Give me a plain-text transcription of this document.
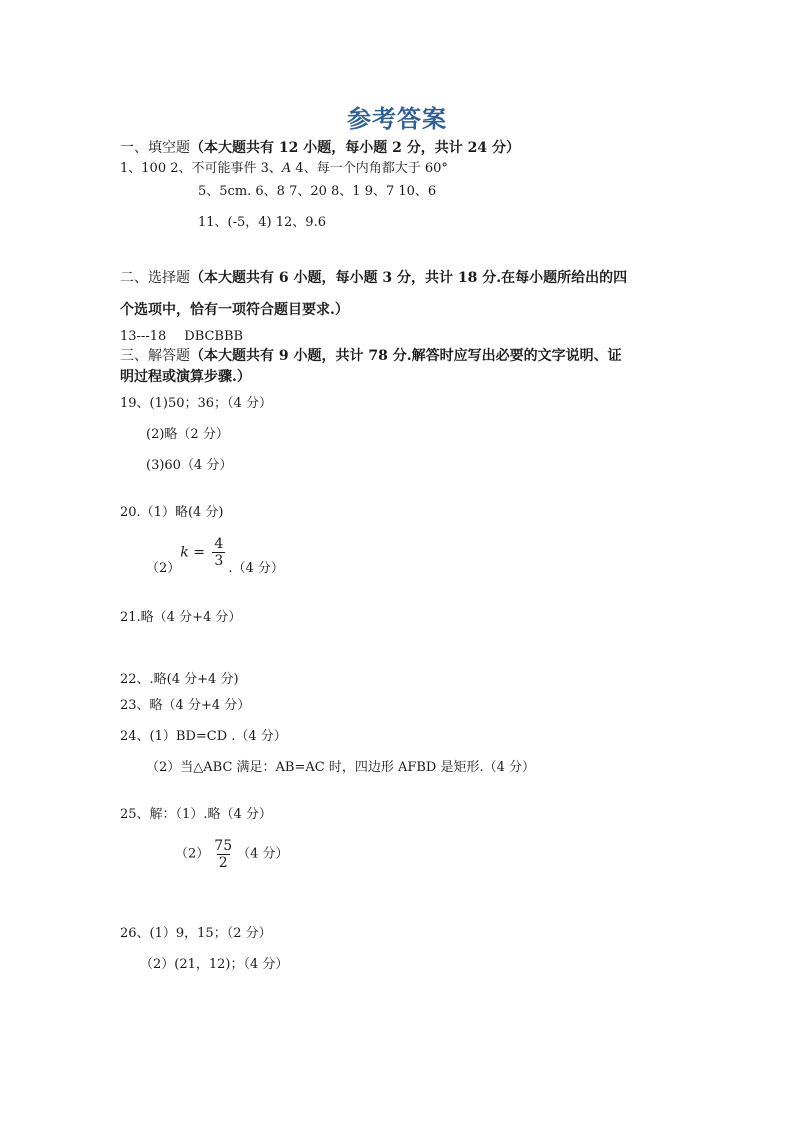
参考答案
一、填空题（本大题共有 12 小题，每小题 2 分，共计 24 分）
1、100 2、不可能事件 3、A 4、每一个内角都大于 60°
5、5cm. 6、8 7、20 8、1 9、7 10、6
11、(-5，4) 12、9.6
二、选择题（本大题共有 6 小题，每小题 3 分，共计 18 分.在每小题所给出的四
个选项中，恰有一项符合题目要求.）
13---18 DBCBBB
三、解答题（本大题共有 9 小题，共计 78 分.解答时应写出必要的文字说明、证
明过程或演算步骤.）
19、(1)50；36；（4 分）
(2)略（2 分）
(3)60（4 分）
20.（1）略(4 分)
$(2)k = \frac{4}{3} .(4$ 分）
21.略（4 分+4 分）
22、.略(4 分+4 分)
23、略（4 分+4 分）
24、(1）BD=CD .（4 分）
（2）当△ABC 满足：AB=AC 时，四边形 AFBD 是矩形.（4 分）
25、解：（1）.略（4 分）
$(2) \frac{75}{2} (4$ 分）
26、(1）9，15；（2 分）
（2）(21，12)；（4 分）
